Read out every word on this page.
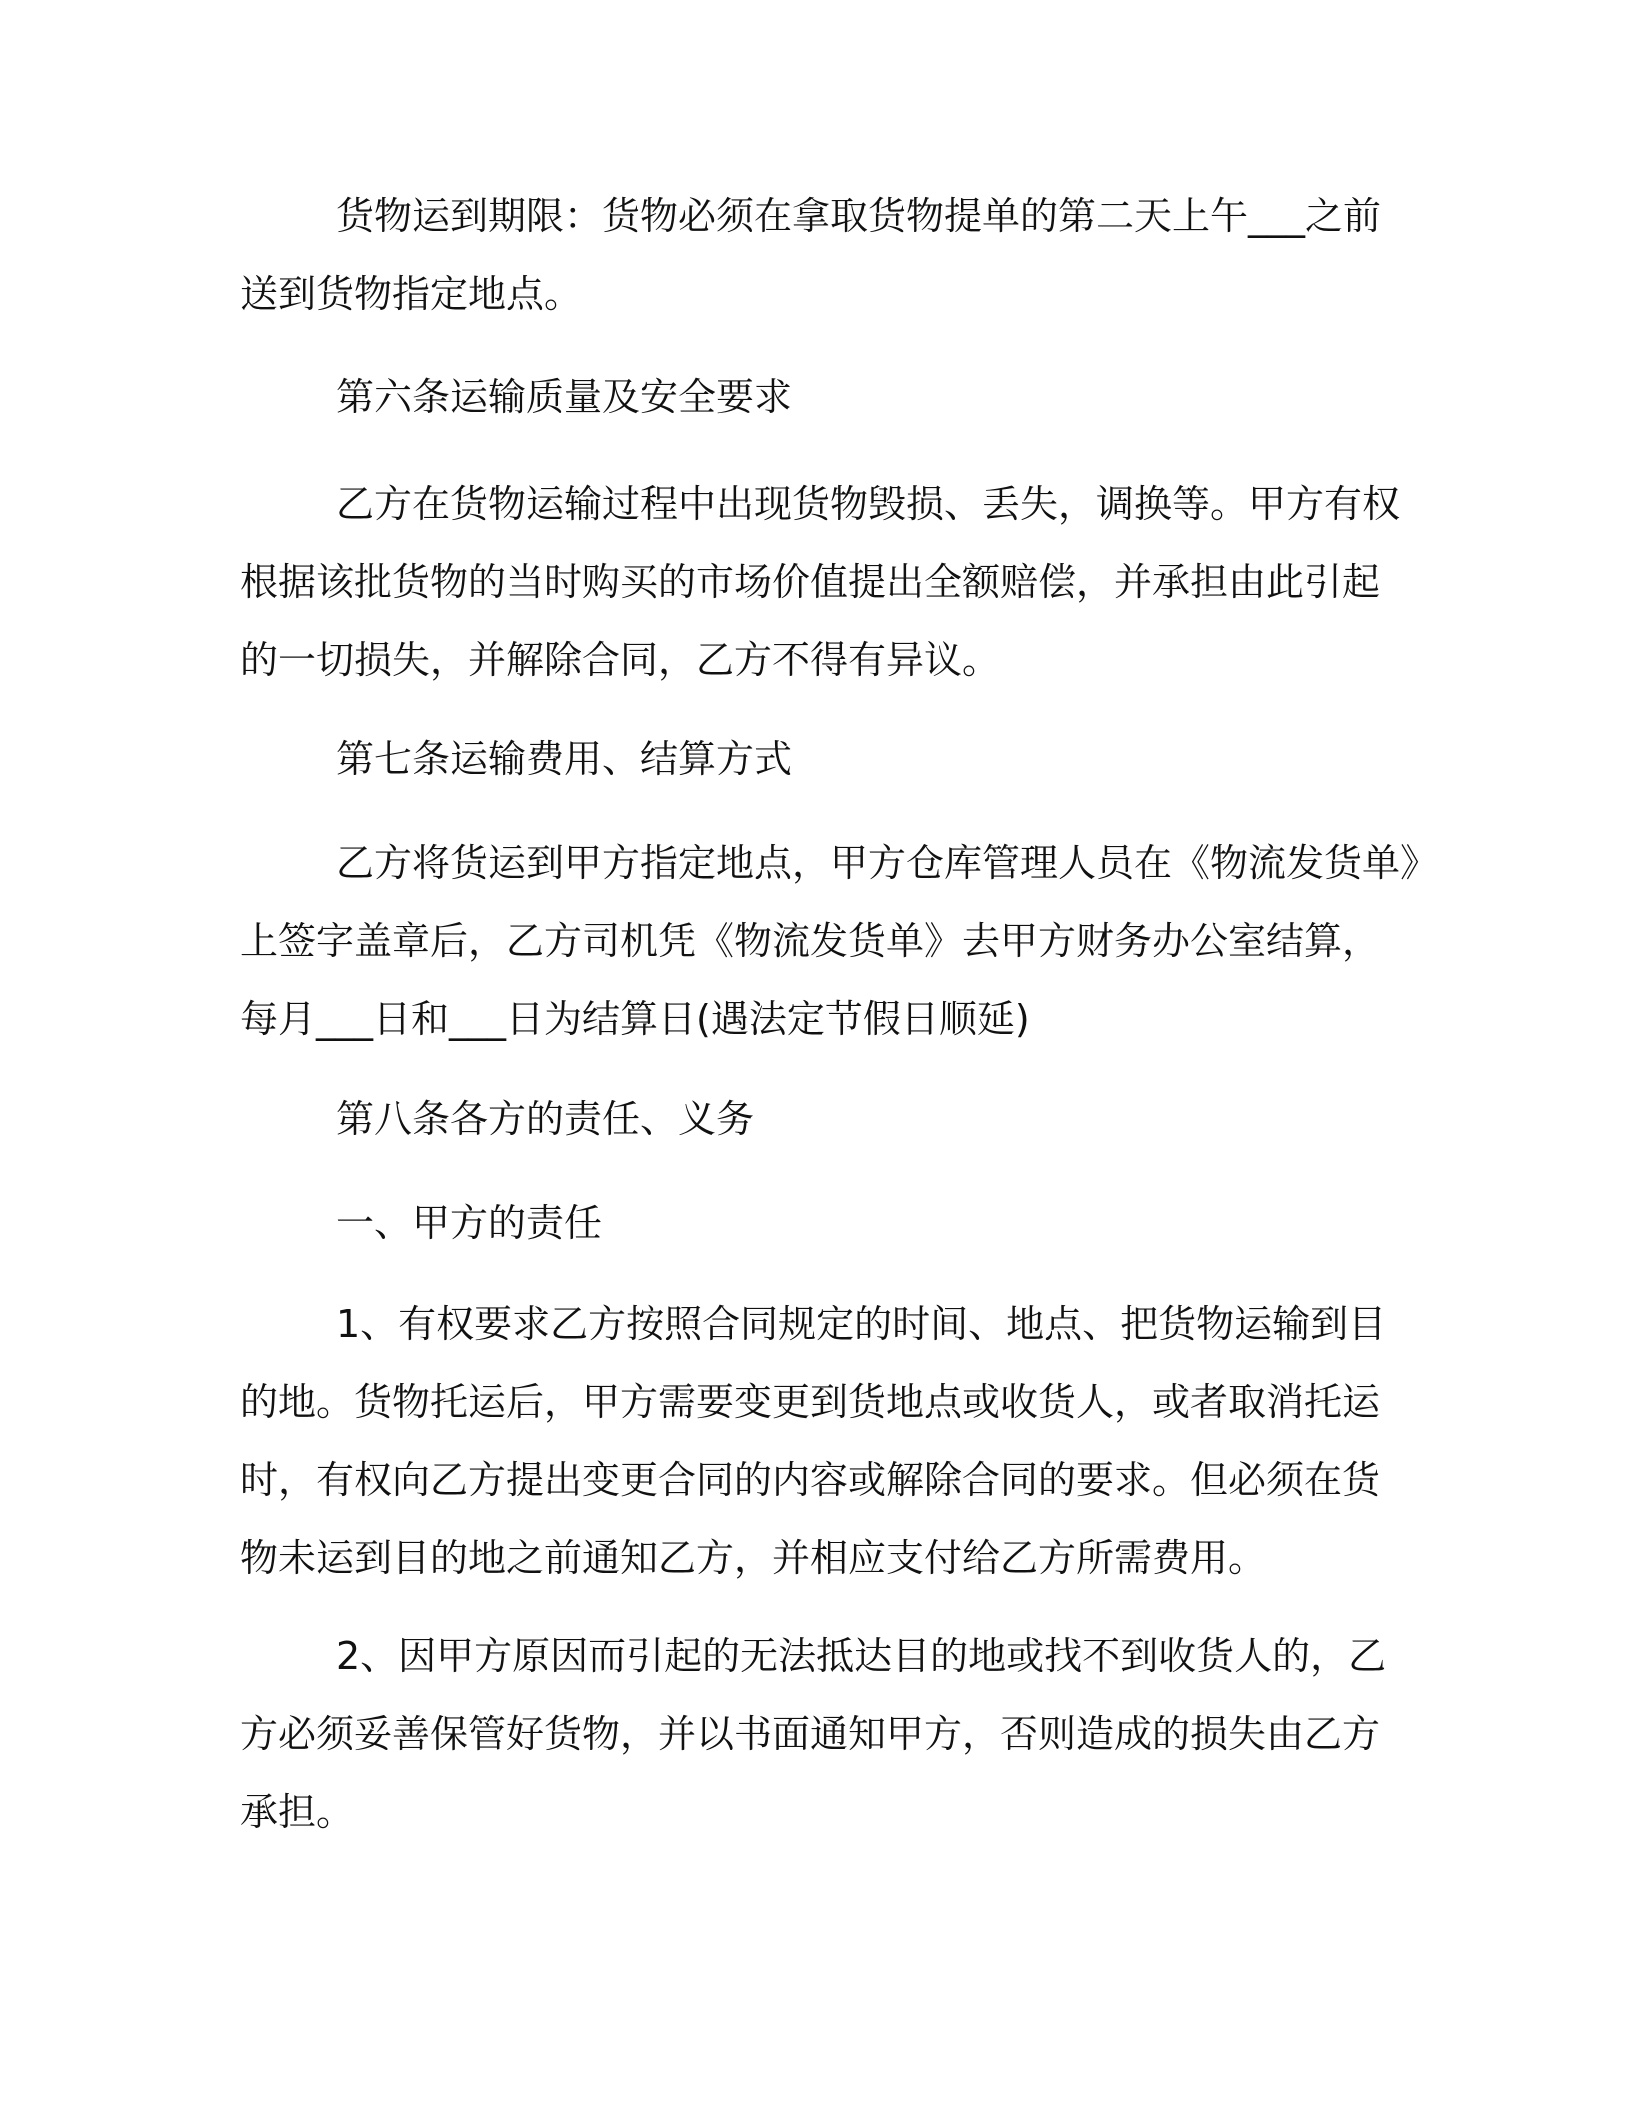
货物运到期限：货物必须在拿取货物提单的第二天上午___之前
送到货物指定地点。

第六条运输质量及安全要求

乙方在货物运输过程中出现货物毁损、丢失，调换等。甲方有权
根据该批货物的当时购买的市场价值提出全额赔偿，并承担由此引起
的一切损失，并解除合同，乙方不得有异议。

第七条运输费用、结算方式

乙方将货运到甲方指定地点，甲方仓库管理人员在《物流发货单》
上签字盖章后，乙方司机凭《物流发货单》去甲方财务办公室结算，
每月___日和___日为结算日(遇法定节假日顺延)

第八条各方的责任、义务

一、甲方的责任

1、有权要求乙方按照合同规定的时间、地点、把货物运输到目
的地。货物托运后，甲方需要变更到货地点或收货人，或者取消托运
时，有权向乙方提出变更合同的内容或解除合同的要求。但必须在货
物未运到目的地之前通知乙方，并相应支付给乙方所需费用。

2、因甲方原因而引起的无法抵达目的地或找不到收货人的，乙
方必须妥善保管好货物，并以书面通知甲方，否则造成的损失由乙方
承担。
